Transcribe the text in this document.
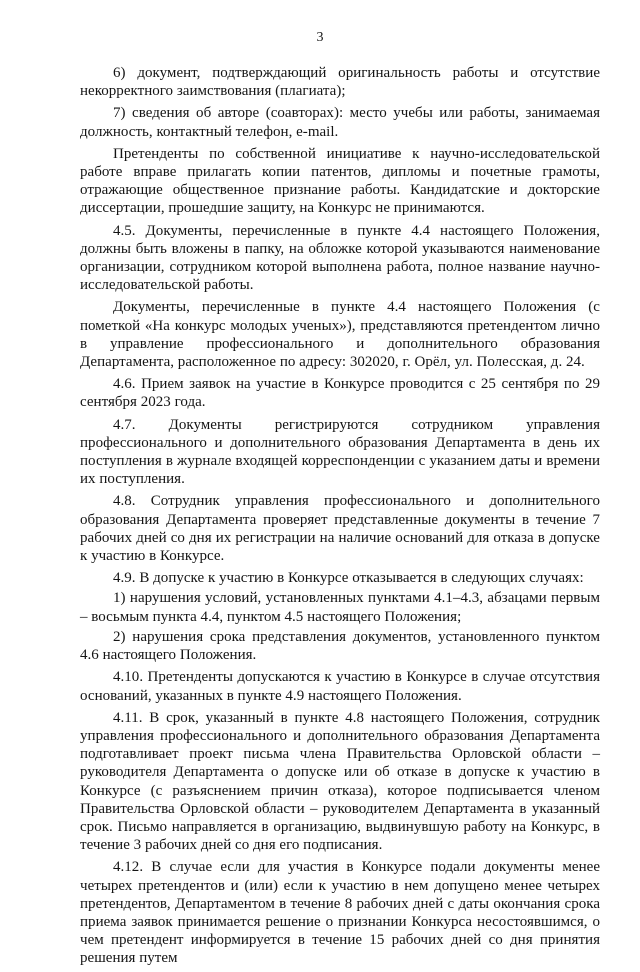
3

6) документ, подтверждающий оригинальность работы и отсутствие некорректного заимствования (плагиата);

7) сведения об авторе (соавторах): место учебы или работы, занимаемая должность, контактный телефон, e-mail.

Претенденты по собственной инициативе к научно-исследовательской работе вправе прилагать копии патентов, дипломы и почетные грамоты, отражающие общественное признание работы. Кандидатские и докторские диссертации, прошедшие защиту, на Конкурс не принимаются.

4.5. Документы, перечисленные в пункте 4.4 настоящего Положения, должны быть вложены в папку, на обложке которой указываются наименование организации, сотрудником которой выполнена работа, полное название научно-исследовательской работы.

Документы, перечисленные в пункте 4.4 настоящего Положения (с пометкой «На конкурс молодых ученых»), представляются претендентом лично в управление профессионального и дополнительного образования Департамента, расположенное по адресу: 302020, г. Орёл, ул. Полесская, д. 24.

4.6. Прием заявок на участие в Конкурсе проводится с 25 сентября по 29 сентября 2023 года.

4.7. Документы регистрируются сотрудником управления профессионального и дополнительного образования Департамента в день их поступления в журнале входящей корреспонденции с указанием даты и времени их поступления.

4.8. Сотрудник управления профессионального и дополнительного образования Департамента проверяет представленные документы в течение 7 рабочих дней со дня их регистрации на наличие оснований для отказа в допуске к участию в Конкурсе.

4.9. В допуске к участию в Конкурсе отказывается в следующих случаях:

1) нарушения условий, установленных пунктами 4.1–4.3, абзацами первым – восьмым пункта 4.4, пунктом 4.5 настоящего Положения;

2) нарушения срока представления документов, установленного пунктом 4.6 настоящего Положения.

4.10. Претенденты допускаются к участию в Конкурсе в случае отсутствия оснований, указанных в пункте 4.9 настоящего Положения.

4.11. В срок, указанный в пункте 4.8 настоящего Положения, сотрудник управления профессионального и дополнительного образования Департамента подготавливает проект письма члена Правительства Орловской области – руководителя Департамента о допуске или об отказе в допуске к участию в Конкурсе (с разъяснением причин отказа), которое подписывается членом Правительства Орловской области – руководителем Департамента в указанный срок. Письмо направляется в организацию, выдвинувшую работу на Конкурс, в течение 3 рабочих дней со дня его подписания.

4.12. В случае если для участия в Конкурсе подали документы менее четырех претендентов и (или) если к участию в нем допущено менее четырех претендентов, Департаментом в течение 8 рабочих дней с даты окончания срока приема заявок принимается решение о признании Конкурса несостоявшимся, о чем претендент информируется в течение 15 рабочих дней со дня принятия решения путем
